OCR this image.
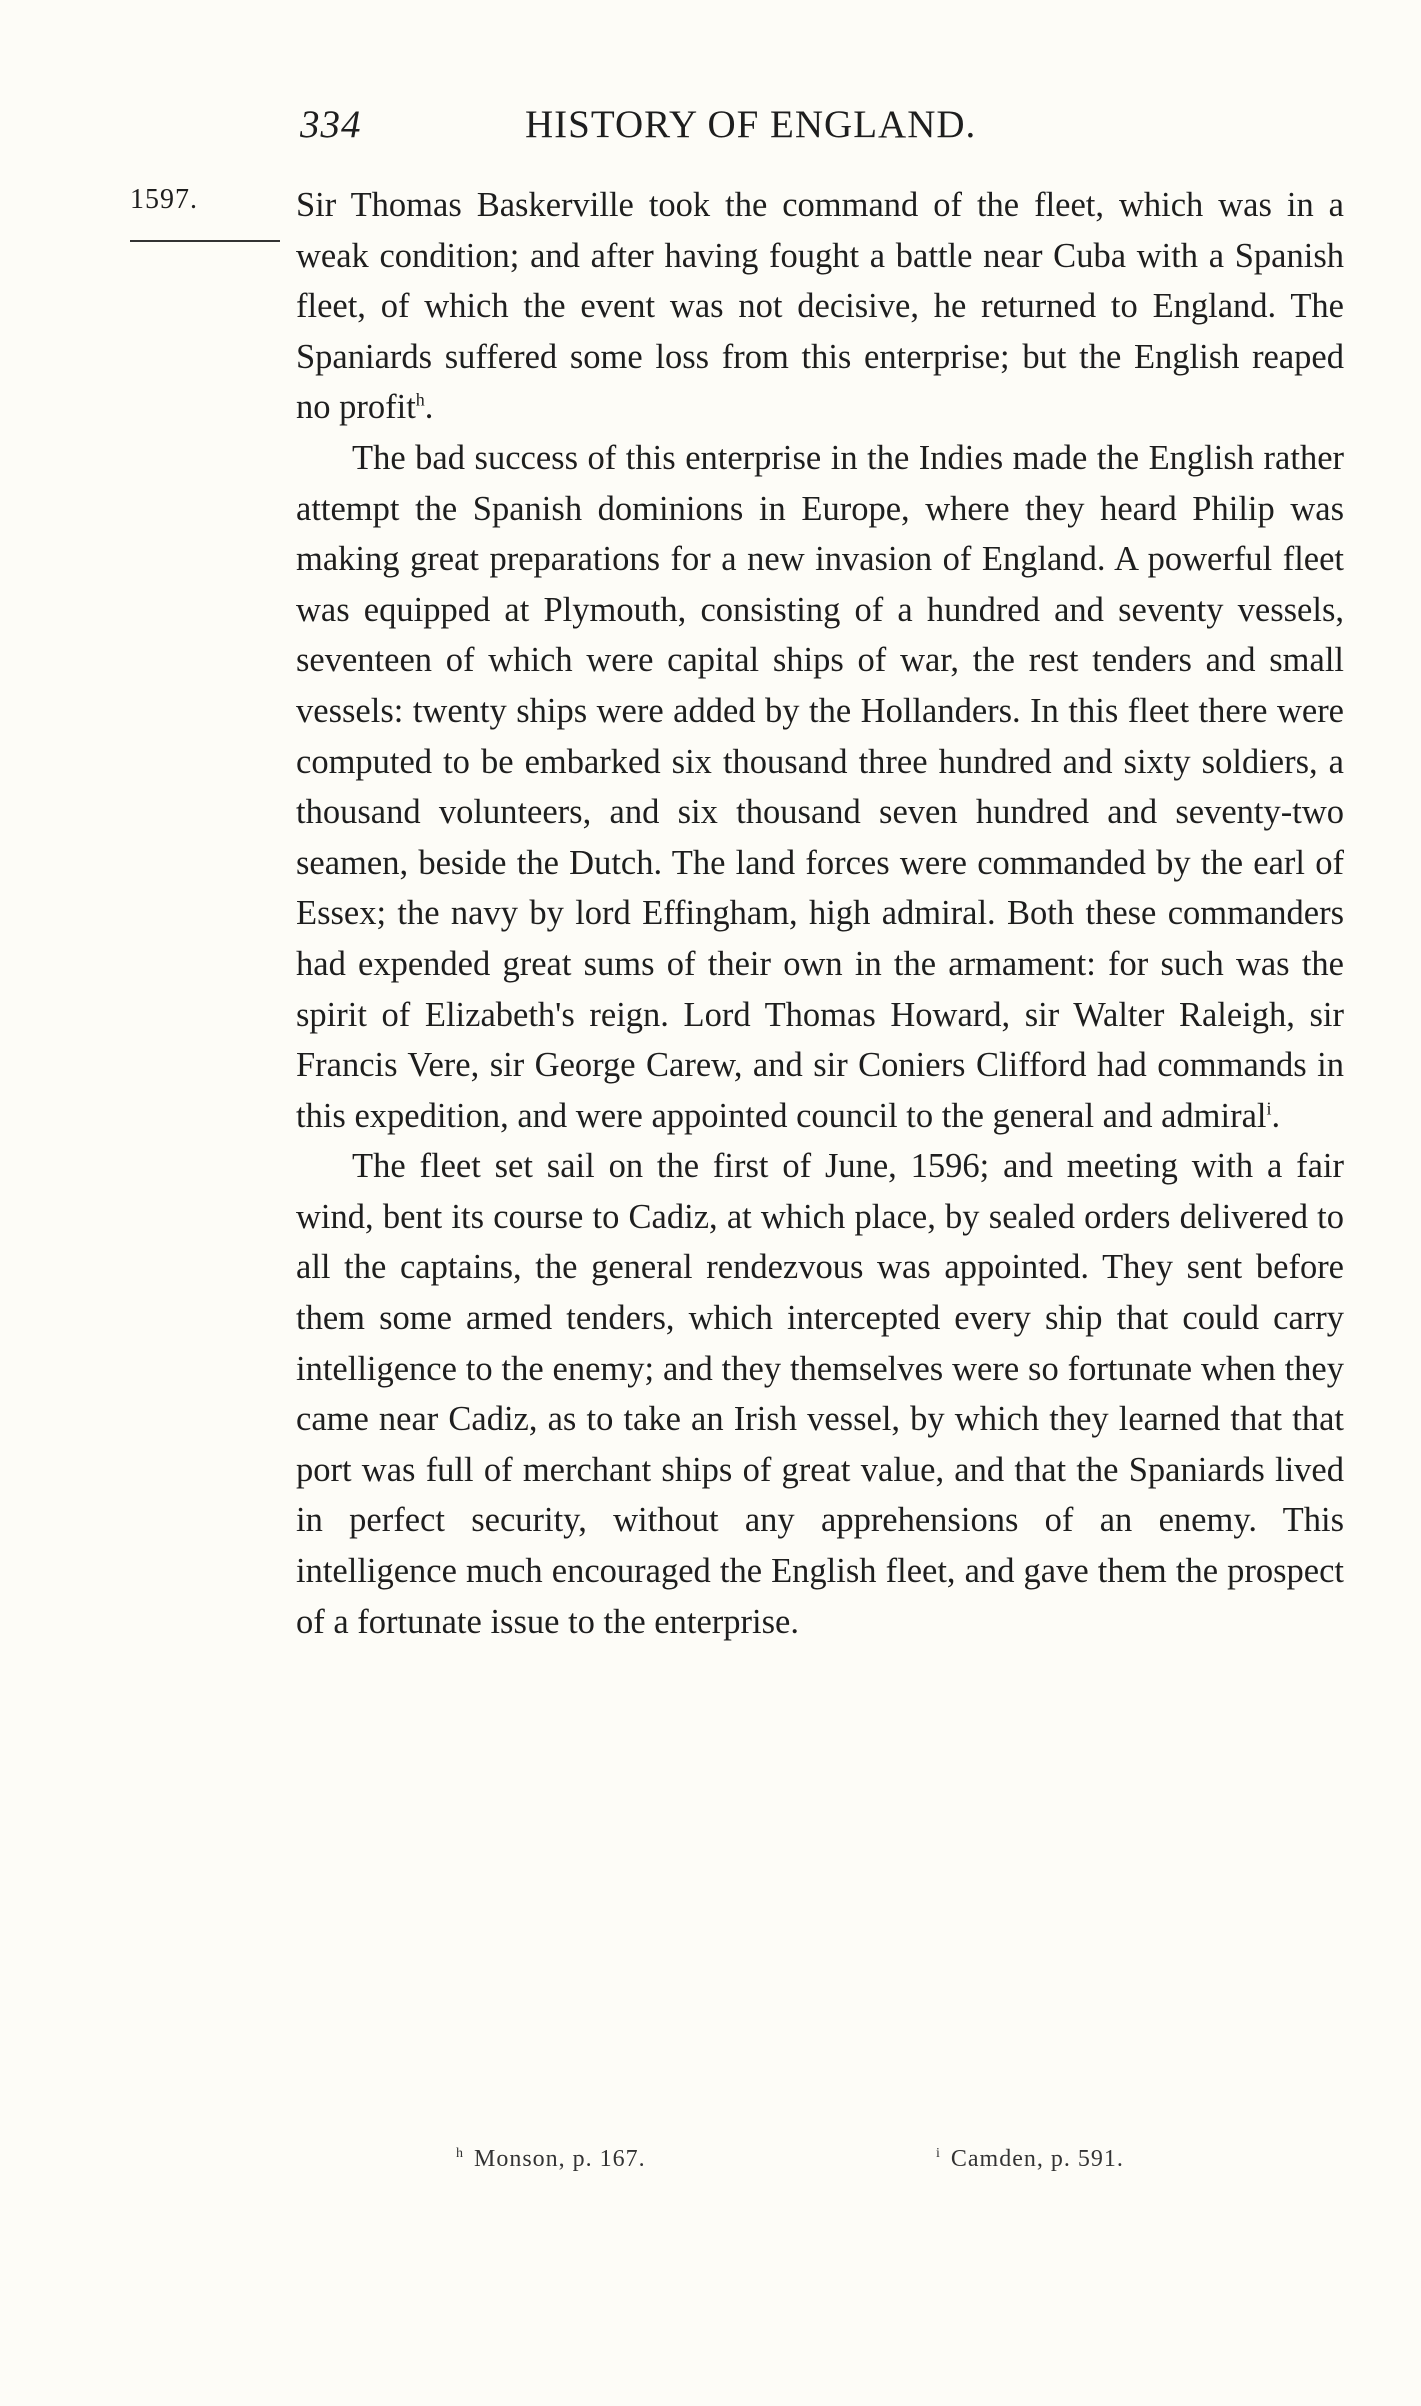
334	HISTORY OF ENGLAND.
1597.	Sir Thomas Baskerville took the command of the fleet, which was in a weak condition; and after having fought a battle near Cuba with a Spanish fleet, of which the event was not decisive, he returned to England. The Spaniards suffered some loss from this enterprise; but the English reaped no profit$^h$.

The bad success of this enterprise in the Indies made the English rather attempt the Spanish dominions in Europe, where they heard Philip was making great preparations for a new invasion of England. A powerful fleet was equipped at Plymouth, consisting of a hundred and seventy vessels, seventeen of which were capital ships of war, the rest tenders and small vessels: twenty ships were added by the Hollanders. In this fleet there were computed to be embarked six thousand three hundred and sixty soldiers, a thousand volunteers, and six thousand seven hundred and seventy-two seamen, beside the Dutch. The land forces were commanded by the earl of Essex; the navy by lord Effingham, high admiral. Both these commanders had expended great sums of their own in the armament: for such was the spirit of Elizabeth's reign. Lord Thomas Howard, sir Walter Raleigh, sir Francis Vere, sir George Carew, and sir Coniers Clifford had commands in this expedition, and were appointed council to the general and admiral$^i$.

The fleet set sail on the first of June, 1596; and meeting with a fair wind, bent its course to Cadiz, at which place, by sealed orders delivered to all the captains, the general rendezvous was appointed. They sent before them some armed tenders, which intercepted every ship that could carry intelligence to the enemy; and they themselves were so fortunate when they came near Cadiz, as to take an Irish vessel, by which they learned that that port was full of merchant ships of great value, and that the Spaniards lived in perfect security, without any apprehensions of an enemy. This intelligence much encouraged the English fleet, and gave them the prospect of a fortunate issue to the enterprise.

$^h$ Monson, p. 167.	$^i$ Camden, p. 591.
